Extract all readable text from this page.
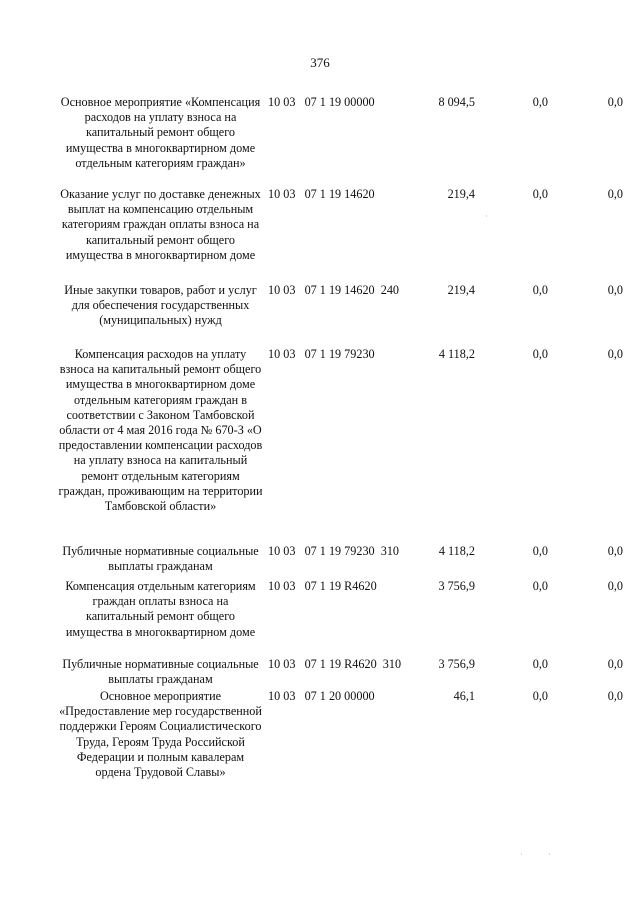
376
Основное мероприятие «Компенсация расходов на уплату взноса на капитальный ремонт общего имущества в многоквартирном доме отдельным категориям граждан»
10 03   07 1 19 00000	8 094,5	0,0	0,0
Оказание услуг по доставке денежных выплат на компенсацию отдельным категориям граждан оплаты взноса на капитальный ремонт общего имущества в многоквартирном доме
10 03   07 1 19 14620	219,4	0,0	0,0
Иные закупки товаров, работ и услуг для обеспечения государственных (муниципальных) нужд
10 03   07 1 19 14620  240	219,4	0,0	0,0
Компенсация расходов на уплату взноса на капитальный ремонт общего имущества в многоквартирном доме отдельным категориям граждан в соответствии с Законом Тамбовской области от 4 мая 2016 года № 670-З «О предоставлении компенсации расходов на уплату взноса на капитальный ремонт отдельным категориям граждан, проживающим на территории Тамбовской области»
10 03   07 1 19 79230	4 118,2	0,0	0,0
Публичные нормативные социальные выплаты гражданам
10 03   07 1 19 79230  310	4 118,2	0,0	0,0
Компенсация отдельным категориям граждан оплаты взноса на капитальный ремонт общего имущества в многоквартирном доме
10 03   07 1 19 R4620	3 756,9	0,0	0,0
Публичные нормативные социальные выплаты гражданам
10 03   07 1 19 R4620  310	3 756,9	0,0	0,0
Основное мероприятие «Предоставление мер государственной поддержки Героям Социалистического Труда, Героям Труда Российской Федерации и полным кавалерам ордена Трудовой Славы»
10 03   07 1 20 00000	46,1	0,0	0,0
·
·	·
